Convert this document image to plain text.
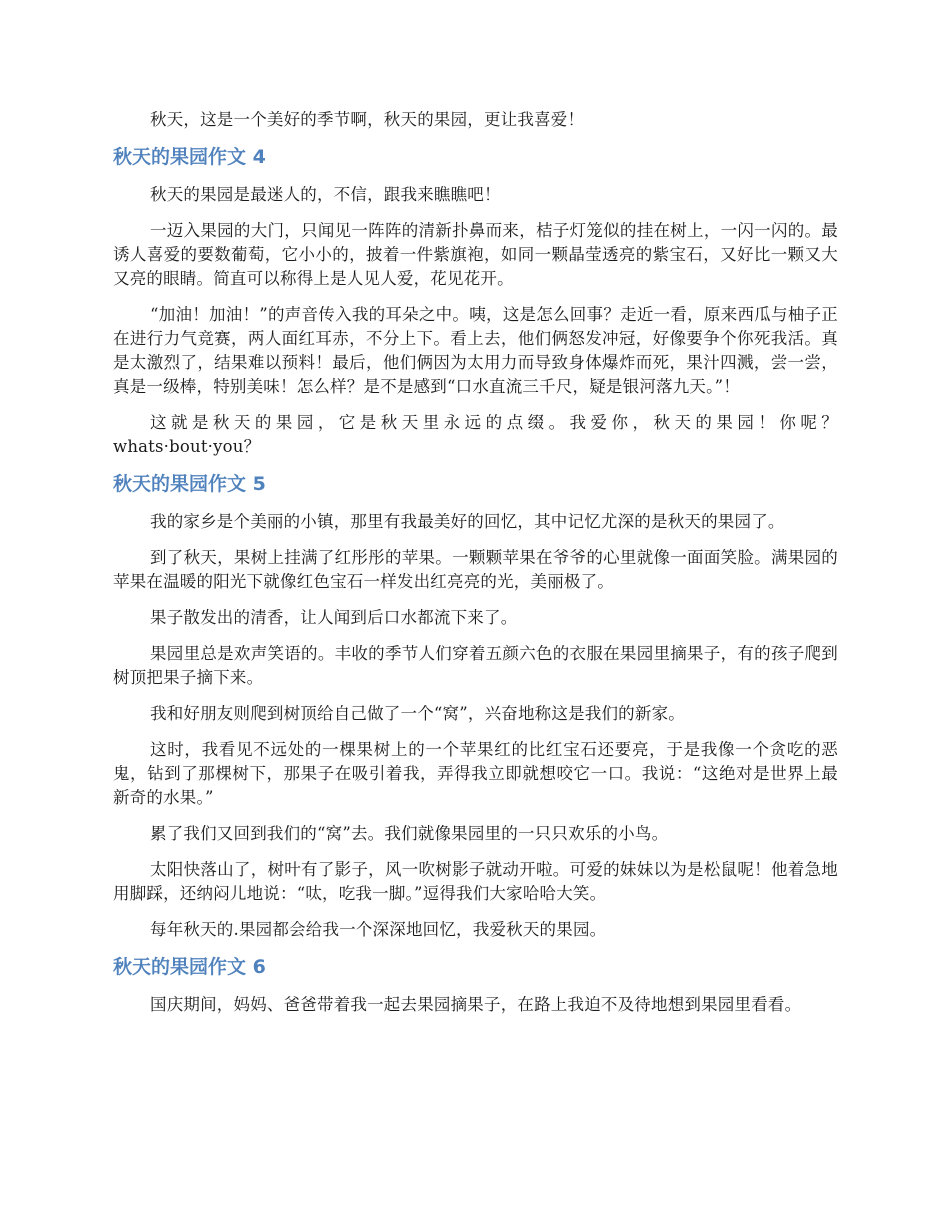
秋天，这是一个美好的季节啊，秋天的果园，更让我喜爱！

秋天的果园作文 4

秋天的果园是最迷人的，不信，跟我来瞧瞧吧！

一迈入果园的大门，只闻见一阵阵的清新扑鼻而来，桔子灯笼似的挂在树上，一闪一闪的。最诱人喜爱的要数葡萄，它小小的，披着一件紫旗袍，如同一颗晶莹透亮的紫宝石，又好比一颗又大又亮的眼睛。简直可以称得上是人见人爱，花见花开。

“加油！加油！”的声音传入我的耳朵之中。咦，这是怎么回事？走近一看，原来西瓜与柚子正在进行力气竞赛，两人面红耳赤，不分上下。看上去，他们俩怒发冲冠，好像要争个你死我活。真是太激烈了，结果难以预料！最后，他们俩因为太用力而导致身体爆炸而死，果汁四溅，尝一尝，真是一级棒，特别美味！怎么样？是不是感到“口水直流三千尺，疑是银河落九天。”！

这就是秋天的果园，它是秋天里永远的点缀。我爱你，秋天的果园！你呢？whats·bout·you？

秋天的果园作文 5

我的家乡是个美丽的小镇，那里有我最美好的回忆，其中记忆尤深的是秋天的果园了。

到了秋天，果树上挂满了红彤彤的苹果。一颗颗苹果在爷爷的心里就像一面面笑脸。满果园的苹果在温暖的阳光下就像红色宝石一样发出红亮亮的光，美丽极了。

果子散发出的清香，让人闻到后口水都流下来了。

果园里总是欢声笑语的。丰收的季节人们穿着五颜六色的衣服在果园里摘果子，有的孩子爬到树顶把果子摘下来。

我和好朋友则爬到树顶给自己做了一个“窝”，兴奋地称这是我们的新家。

这时，我看见不远处的一棵果树上的一个苹果红的比红宝石还要亮，于是我像一个贪吃的恶鬼，钻到了那棵树下，那果子在吸引着我，弄得我立即就想咬它一口。我说：“这绝对是世界上最新奇的水果。”

累了我们又回到我们的“窝”去。我们就像果园里的一只只欢乐的小鸟。

太阳快落山了，树叶有了影子，风一吹树影子就动开啦。可爱的妹妹以为是松鼠呢！他着急地用脚踩，还纳闷儿地说：“呔，吃我一脚。”逗得我们大家哈哈大笑。

每年秋天的.果园都会给我一个深深地回忆，我爱秋天的果园。

秋天的果园作文 6

国庆期间，妈妈、爸爸带着我一起去果园摘果子，在路上我迫不及待地想到果园里看看。
